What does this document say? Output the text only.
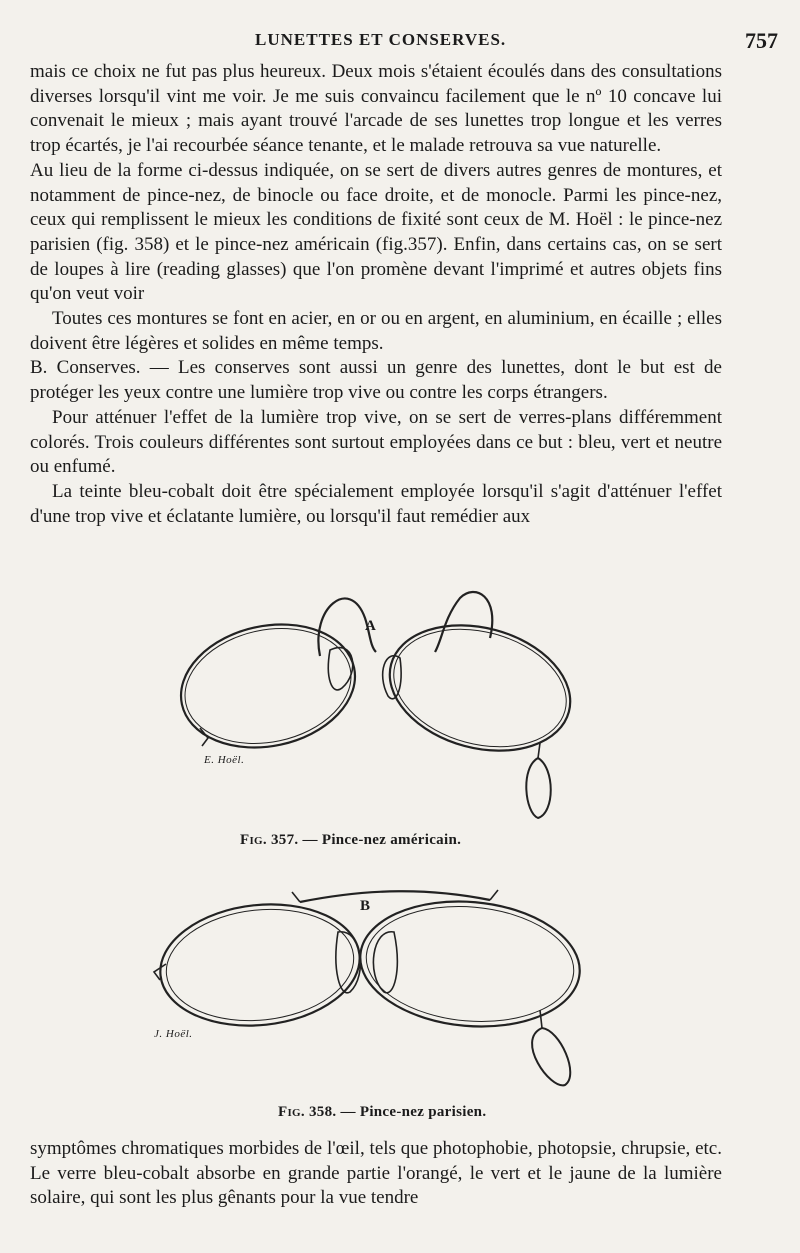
LUNETTES ET CONSERVES.	757

mais ce choix ne fut pas plus heureux. Deux mois s'étaient écoulés dans des consultations diverses lorsqu'il vint me voir. Je me suis convaincu facilement que le nº 10 concave lui convenait le mieux ; mais ayant trouvé l'arcade de ses lunettes trop longue et les verres trop écartés, je l'ai recourbée séance tenante, et le malade retrouva sa vue naturelle.

Au lieu de la forme ci-dessus indiquée, on se sert de divers autres genres de montures, et notamment de pince-nez, de binocle ou face droite, et de monocle. Parmi les pince-nez, ceux qui remplissent le mieux les conditions de fixité sont ceux de M. Hoël : le pince-nez parisien (fig. 358) et le pince-nez américain (fig.357). Enfin, dans certains cas, on se sert de loupes à lire (reading glasses) que l'on promène devant l'imprimé et autres objets fins qu'on veut voir

Toutes ces montures se font en acier, en or ou en argent, en aluminium, en écaille ; elles doivent être légères et solides en même temps.

B. Conserves. — Les conserves sont aussi un genre des lunettes, dont le but est de protéger les yeux contre une lumière trop vive ou contre les corps étrangers.

Pour atténuer l'effet de la lumière trop vive, on se sert de verres-plans différemment colorés. Trois couleurs différentes sont surtout employées dans ce but : bleu, vert et neutre ou enfumé.

La teinte bleu-cobalt doit être spécialement employée lorsqu'il s'agit d'atténuer l'effet d'une trop vive et éclatante lumière, ou lorsqu'il faut remédier aux

A
E. Hoël.
Fig. 357. — Pince-nez américain.
B
J. Hoël.
Fig. 358. — Pince-nez parisien.

symptômes chromatiques morbides de l'œil, tels que photophobie, photopsie, chrupsie, etc. Le verre bleu-cobalt absorbe en grande partie l'orangé, le vert et le jaune de la lumière solaire, qui sont les plus gênants pour la vue tendre
